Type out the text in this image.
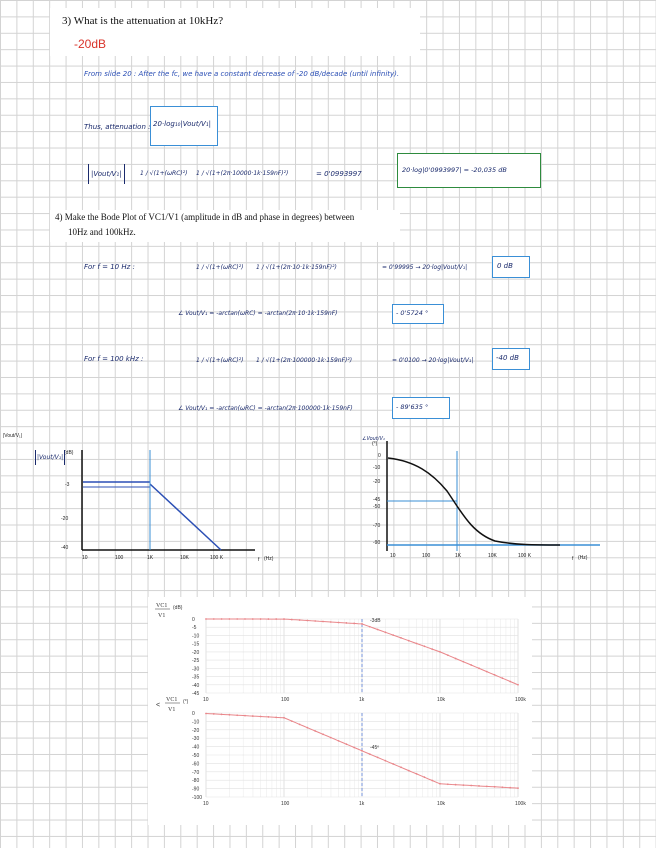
3) What is the attenuation at 10kHz?
-20dB
From slide 20 : After the fc, we have a constant decrease of -20 dB/decade (until infinity).
Thus, attenuation : 20·log₁₀|Vout/V₁|
|Vout/V₁|	1 / √(1+(ωRC)²) 1 / √(1+(2π·10000·1k·159nF)²)	= 0'0993997	20·log|0'0993997| = -20,035 dB
4) Make the Bode Plot of VC1/V1 (amplitude in dB and phase in degrees) between
10Hz and 100kHz.
For f = 10 Hz :	1 / √(1+(ωRC)²) 1 / √(1+(2π·10·1k·159nF)²)	= 0'99995 → 20·log|Vout/V₁|	0 dB
∠ Vout/V₁ = -arctan(ωRC) = -arctan(2π·10·1k·159nF)	- 0'5724 °
For f = 100 kHz :	1 / √(1+(ωRC)²) 1 / √(1+(2π·100000·1k·159nF)²)	= 0'0100 → 20·log|Vout/V₁|	-40 dB
∠ Vout/V₁ = -arctan(ωRC) = -arctan(2π·100000·1k·159nF)	- 89'635 °
|Vout/V₁|
(dB)
-3
-20
-40
10	100	1K	10K	100 K	f (Hz)
|Vout/V₁|
(°)
0
-10
-20
-45
-50
-70
-90
10	100	1K	10K	100 K	f (Hz)
∠Vout/V₁
0
-5
-10
-15
-20
-25
-30
-35
-40
-45
-3dB
10	100	1k	10k	100k
0
-10
-20
-30
-40
-50
-60
-70
-80
-90
-100
-45º
10	100	1k	10k	100k
VC1
V1
(dB)
VC1
V1
(°)
<
